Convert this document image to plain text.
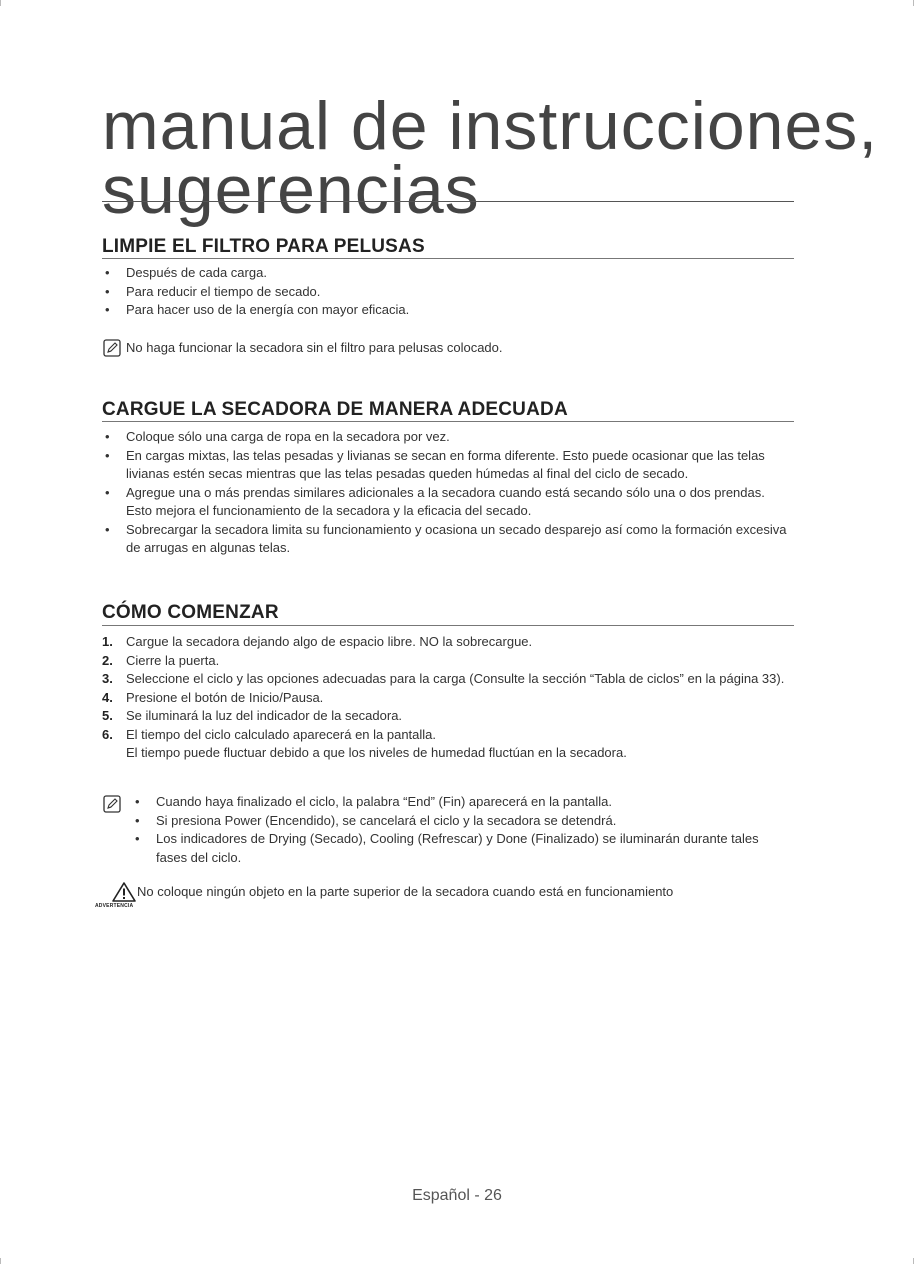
manual de instrucciones,
sugerencias
LIMPIE EL FILTRO PARA PELUSAS
• Después de cada carga.
• Para reducir el tiempo de secado.
• Para hacer uso de la energía con mayor eficacia.
No haga funcionar la secadora sin el filtro para pelusas colocado.
CARGUE LA SECADORA DE MANERA ADECUADA
• Coloque sólo una carga de ropa en la secadora por vez.
• En cargas mixtas, las telas pesadas y livianas se secan en forma diferente. Esto puede ocasionar que las telas livianas estén secas mientras que las telas pesadas queden húmedas al final del ciclo de secado.
• Agregue una o más prendas similares adicionales a la secadora cuando está secando sólo una o dos prendas.
Esto mejora el funcionamiento de la secadora y la eficacia del secado.
• Sobrecargar la secadora limita su funcionamiento y ocasiona un secado desparejo así como la formación excesiva de arrugas en algunas telas.
CÓMO COMENZAR
1. Cargue la secadora dejando algo de espacio libre. NO la sobrecargue.
2. Cierre la puerta.
3. Seleccione el ciclo y las opciones adecuadas para la carga (Consulte la sección “Tabla de ciclos” en la página 33).
4. Presione el botón de Inicio/Pausa.
5. Se iluminará la luz del indicador de la secadora.
6. El tiempo del ciclo calculado aparecerá en la pantalla.
El tiempo puede fluctuar debido a que los niveles de humedad fluctúan en la secadora.
• Cuando haya finalizado el ciclo, la palabra “End” (Fin) aparecerá en la pantalla.
• Si presiona Power (Encendido), se cancelará el ciclo y la secadora se detendrá.
• Los indicadores de Drying (Secado), Cooling (Refrescar) y Done (Finalizado) se iluminarán durante tales fases del ciclo.
ADVERTENCIA
No coloque ningún objeto en la parte superior de la secadora cuando está en funcionamiento
Español - 26
